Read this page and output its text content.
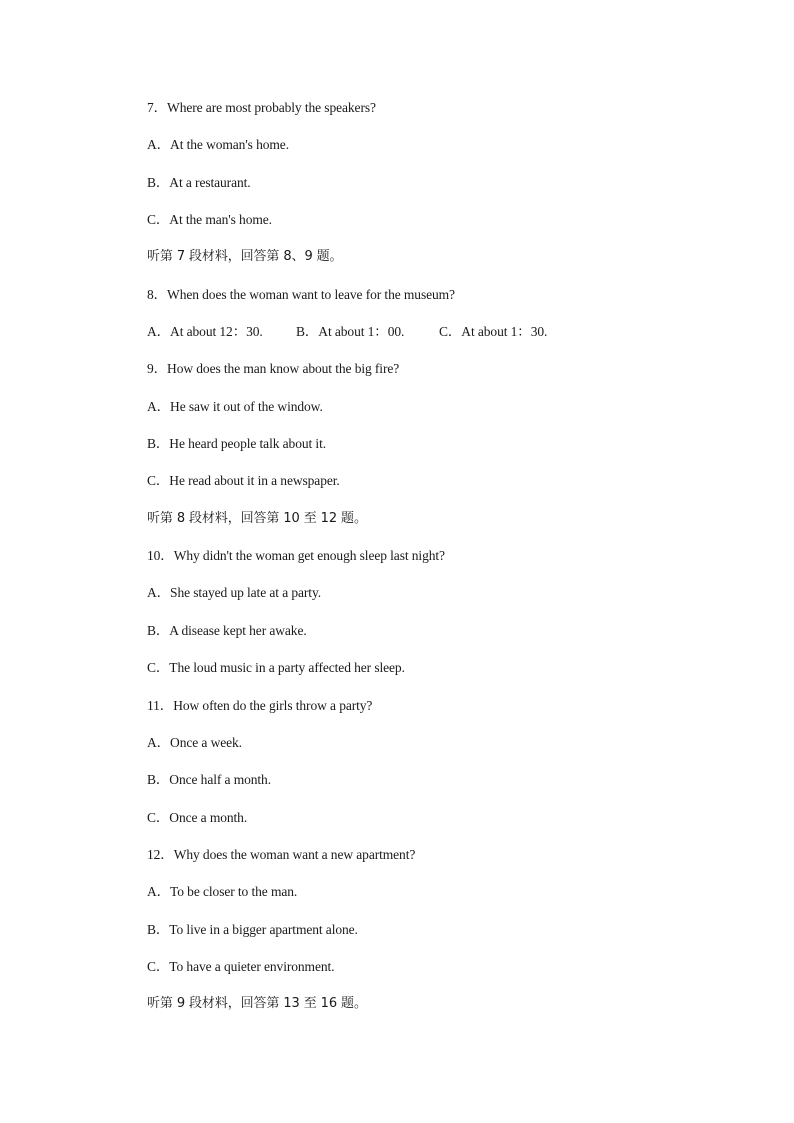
7．Where are most probably the speakers?
A．At the woman's home.
B．At a restaurant.
C．At the man's home.
听第 7 段材料，回答第 8、9 题。
8．When does the woman want to leave for the museum?
A．At about 12：30. B．At about 1：00.	C．At about 1：30.
9．How does the man know about the big fire?
A．He saw it out of the window.
B．He heard people talk about it.
C．He read about it in a newspaper.
听第 8 段材料，回答第 10 至 12 题。
10．Why didn't the woman get enough sleep last night?
A．She stayed up late at a party.
B．A disease kept her awake.
C．The loud music in a party affected her sleep.
11．How often do the girls throw a party?
A．Once a week.
B．Once half a month.
C．Once a month.
12．Why does the woman want a new apartment?
A．To be closer to the man.
B．To live in a bigger apartment alone.
C．To have a quieter environment.
听第 9 段材料，回答第 13 至 16 题。
